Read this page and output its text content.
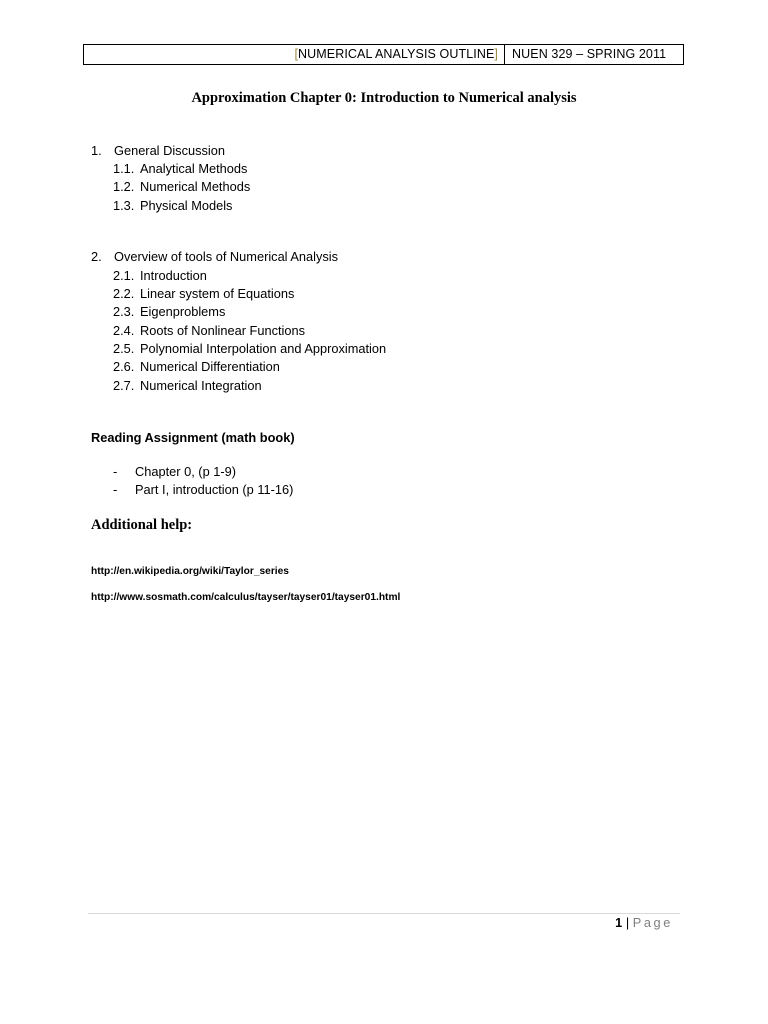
[NUMERICAL ANALYSIS OUTLINE]	NUEN 329 – SPRING 2011
Approximation Chapter 0: Introduction to Numerical analysis
1. General Discussion
1.1. Analytical Methods
1.2. Numerical Methods
1.3. Physical Models
2. Overview of tools of Numerical Analysis
2.1. Introduction
2.2. Linear system of Equations
2.3. Eigenproblems
2.4. Roots of Nonlinear Functions
2.5. Polynomial Interpolation and Approximation
2.6. Numerical Differentiation
2.7. Numerical Integration
Reading Assignment (math book)
- Chapter 0, (p 1-9)
- Part I, introduction (p 11-16)
Additional help:
http://en.wikipedia.org/wiki/Taylor_series
http://www.sosmath.com/calculus/tayser/tayser01/tayser01.html
1 | Page
